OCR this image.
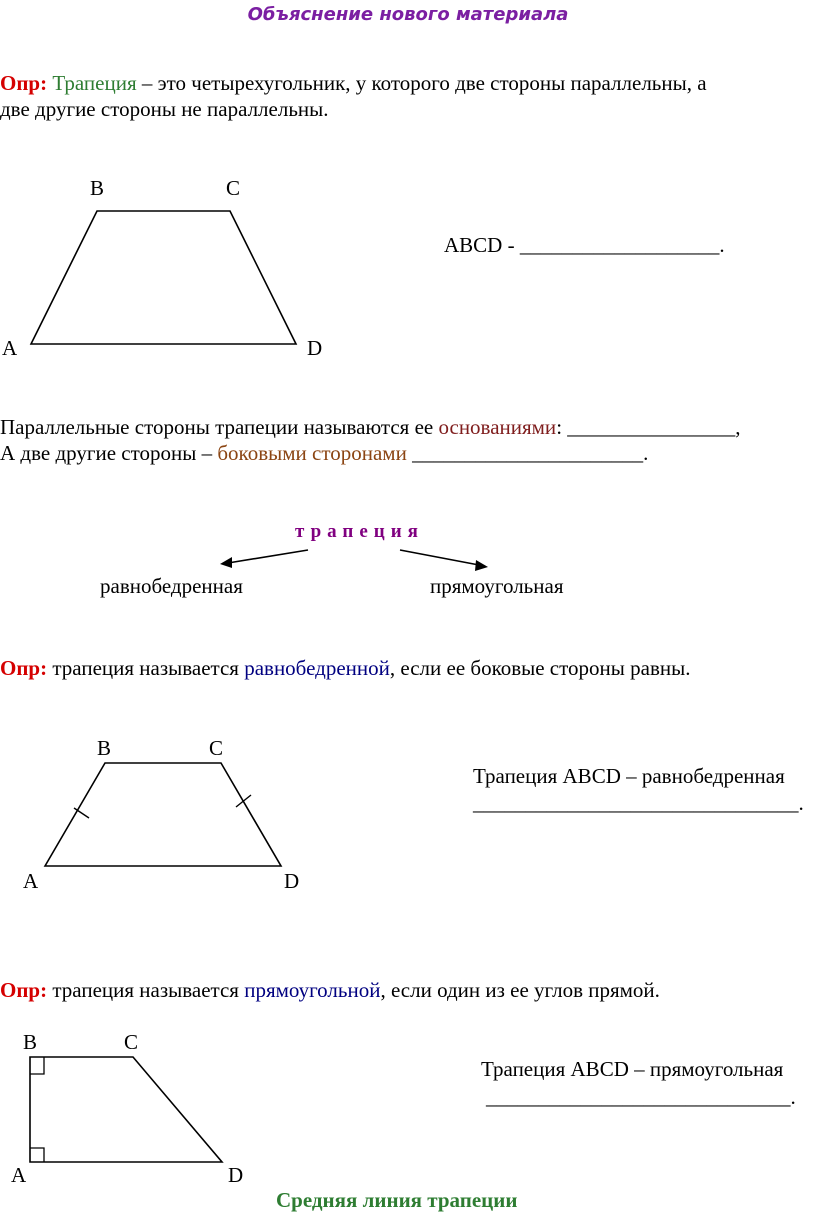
Объяснение нового материала
Опр: Трапеция – это четырехугольник, у которого две стороны параллельны, а
две другие стороны не параллельны.
B	C
A	D
ABCD - ___________________.
Параллельные стороны трапеции называются ее основаниями: ________________,
А две другие стороны – боковыми сторонами ______________________.
трапеция
равнобедренная	прямоугольная
Опр: трапеция называется равнобедренной, если ее боковые стороны равны.
B	C
A	D
Трапеция ABCD – равнобедренная
_______________________________.
Опр: трапеция называется прямоугольной, если один из ее углов прямой.
B	C
A	D
Трапеция ABCD – прямоугольная
_____________________________.
Средняя линия трапеции
